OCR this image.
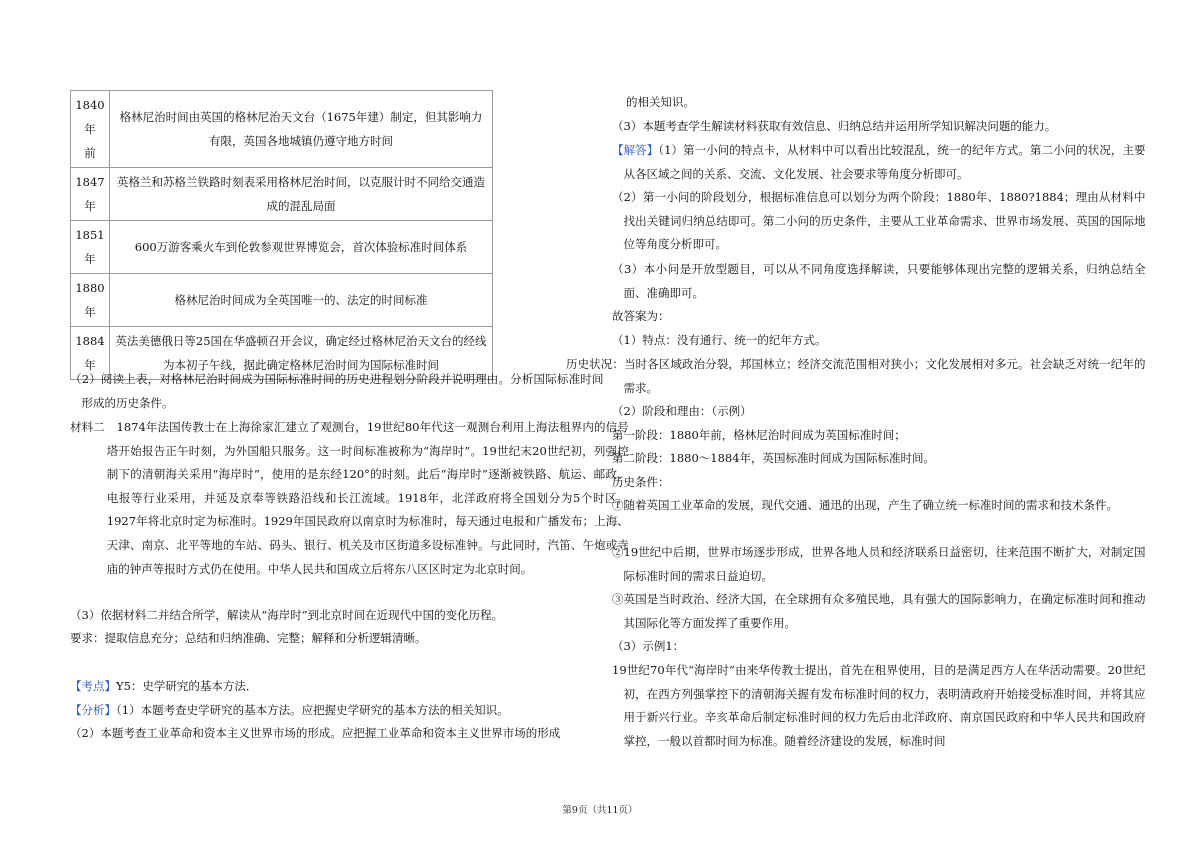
1840
年
前	格林尼治时间由英国的格林尼治天文台（1675年建）制定，但其影响力有限，英国各地城镇仍遵守地方时间

1847
年	英格兰和苏格兰铁路时刻表采用格林尼治时间，以克服计时不同给交通造成的混乱局面

1851
年	600万游客乘火车到伦敦参观世界博览会，首次体验标准时间体系

1880
年	格林尼治时间成为全英国唯一的、法定的时间标准

1884
年	英法美德俄日等25国在华盛顿召开会议，确定经过格林尼治天文台的经线为本初子午线，据此确定格林尼治时间为国际标准时间
（2）阅读上表，对格林尼治时间成为国际标准时间的历史进程划分阶段并说明理由。分析国际标准时间形成的历史条件。
材料二　1874年法国传教士在上海徐家汇建立了观测台，19世纪80年代这一观测台利用上海法租界内的信号塔开始报告正午时刻，为外国船只服务。这一时间标准被称为“海岸时”。19世纪末20世纪初，列强控制下的清朝海关采用“海岸时”，使用的是东经120°的时刻。此后“海岸时”逐渐被铁路、航运、邮政、电报等行业采用，并延及京奉等铁路沿线和长江流域。1918年，北洋政府将全国划分为5个时区，1927年将北京时定为标准时。1929年国民政府以南京时为标准时，每天通过电报和广播发布；上海、天津、南京、北平等地的车站、码头、银行、机关及市区街道多设标准钟。与此同时，汽笛、午炮或寺庙的钟声等报时方式仍在使用。中华人民共和国成立后将东八区区时定为北京时间。
（3）依据材料二并结合所学，解读从“海岸时”到北京时间在近现代中国的变化历程。
要求：提取信息充分；总结和归纳准确、完整；解释和分析逻辑清晰。
【考点】Y5：史学研究的基本方法．
【分析】（1）本题考查史学研究的基本方法。应把握史学研究的基本方法的相关知识。
（2）本题考查工业革命和资本主义世界市场的形成。应把握工业革命和资本主义世界市场的形成
的相关知识。
（3）本题考查学生解读材料获取有效信息、归纳总结并运用所学知识解决问题的能力。
【解答】（1）第一小问的特点卡，从材料中可以看出比较混乱，统一的纪年方式。第二小问的状况，主要从各区域之间的关系、交流、文化发展、社会要求等角度分析即可。
（2）第一小问的阶段划分，根据标准信息可以划分为两个阶段：1880年、1880?1884；理由从材料中找出关键词归纳总结即可。第二小问的历史条件，主要从工业革命需求、世界市场发展、英国的国际地位等角度分析即可。
（3）本小问是开放型题目，可以从不同角度选择解读，只要能够体现出完整的逻辑关系，归纳总结全面、准确即可。
故答案为：
（1）特点：没有通行、统一的纪年方式。
历史状况：当时各区域政治分裂，邦国林立；经济交流范围相对狭小；文化发展相对多元。社会缺乏对统一纪年的需求。
（2）阶段和理由：（示例）
第一阶段：1880年前，格林尼治时间成为英国标准时间；
第二阶段：1880～1884年，英国标准时间成为国际标准时间。
历史条件：
①随着英国工业革命的发展，现代交通、通迅的出现，产生了确立统一标准时间的需求和技术条件。
②19世纪中后期，世界市场逐步形成，世界各地人员和经济联系日益密切，往来范围不断扩大，对制定国际标准时间的需求日益迫切。
③英国是当时政治、经济大国，在全球拥有众多殖民地，具有强大的国际影响力，在确定标准时间和推动其国际化等方面发挥了重要作用。
（3）示例1：
19世纪70年代“海岸时”由来华传教士提出，首先在租界使用，目的是满足西方人在华活动需要。20世纪初，在西方列强掌控下的清朝海关握有发布标准时间的权力，表明清政府开始接受标准时间，并将其应用于新兴行业。辛亥革命后制定标准时间的权力先后由北洋政府、南京国民政府和中华人民共和国政府掌控，一般以首都时间为标准。随着经济建设的发展，标准时间
第9页（共11页）
